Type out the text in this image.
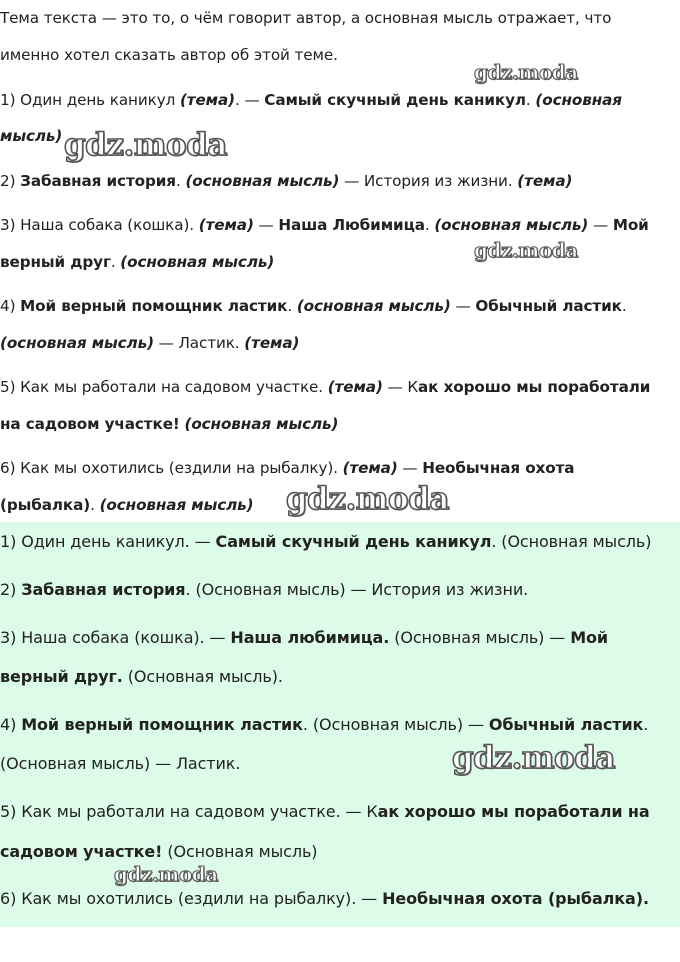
Тема текста — это то, о чём говорит автор, а основная мысль отражает, что
именно хотел сказать автор об этой теме.
1) Один день каникул (тема). — Самый скучный день каникул. (основная
мысль)
2) Забавная история. (основная мысль) — История из жизни. (тема)
3) Наша собака (кошка). (тема) — Наша Любимица. (основная мысль) — Мой
верный друг. (основная мысль)
4) Мой верный помощник ластик. (основная мысль) — Обычный ластик.
(основная мысль) — Ластик. (тема)
5) Как мы работали на садовом участке. (тема) — Как хорошо мы поработали
на садовом участке! (основная мысль)
6) Как мы охотились (ездили на рыбалку). (тема) — Необычная охота
(рыбалка). (основная мысль)
1) Один день каникул. — Самый скучный день каникул. (Основная мысль)
2) Забавная история. (Основная мысль) — История из жизни.
3) Наша собака (кошка). — Наша любимица. (Основная мысль) — Мой
верный друг. (Основная мысль).
4) Мой верный помощник ластик. (Основная мысль) — Обычный ластик.
(Основная мысль) — Ластик.
5) Как мы работали на садовом участке. — Как хорошо мы поработали на
садовом участке! (Основная мысль)
6) Как мы охотились (ездили на рыбалку). — Необычная охота (рыбалка).
gdz.moda
gdz.moda
gdz.moda
gdz.moda
gdz.moda
gdz.moda
